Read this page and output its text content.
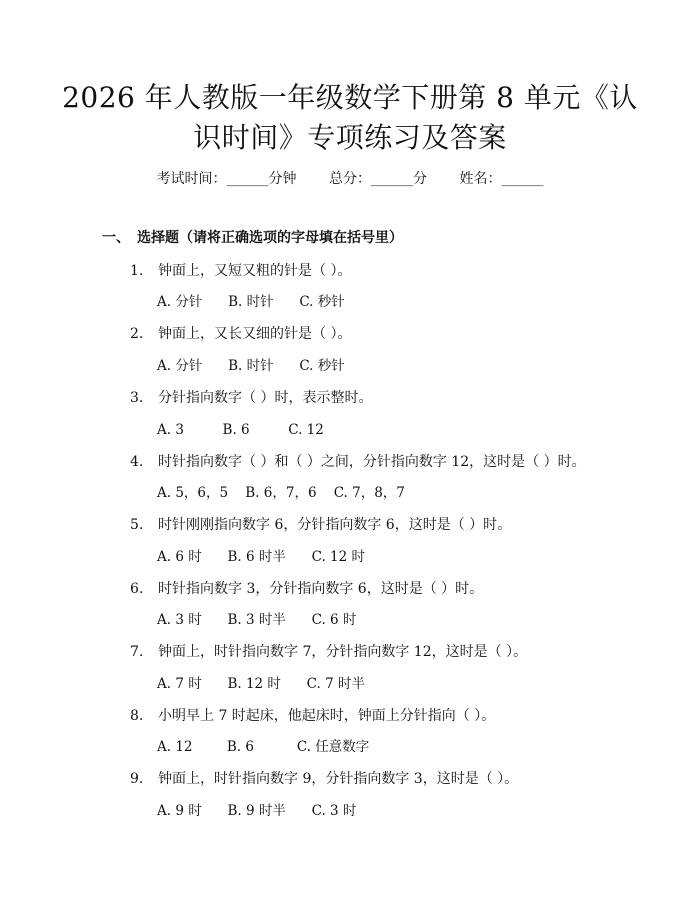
2026 年人教版一年级数学下册第 8 单元《认
识时间》专项练习及答案
考试时间：______分钟 总分：______分 姓名：______
一、 选择题（请将正确选项的字母填在括号里）
1. 钟面上，又短又粗的针是（ ）。
A. 分针      B. 时针      C. 秒针
2. 钟面上，又长又细的针是（ ）。
A. 分针      B. 时针      C. 秒针
3. 分针指向数字（ ）时，表示整时。
A. 3         B. 6         C. 12
4. 时针指向数字（ ）和（ ）之间，分针指向数字 12，这时是（ ）时。
A. 5，6，5    B. 6，7，6    C. 7，8，7
5. 时针刚刚指向数字 6，分针指向数字 6，这时是（ ）时。
A. 6 时      B. 6 时半      C. 12 时
6. 时针指向数字 3，分针指向数字 6，这时是（ ）时。
A. 3 时      B. 3 时半      C. 6 时
7. 钟面上，时针指向数字 7，分针指向数字 12，这时是（ ）。
A. 7 时      B. 12 时      C. 7 时半
8. 小明早上 7 时起床，他起床时，钟面上分针指向（ ）。
A. 12        B. 6          C. 任意数字
9. 钟面上，时针指向数字 9，分针指向数字 3，这时是（ ）。
A. 9 时      B. 9 时半      C. 3 时
